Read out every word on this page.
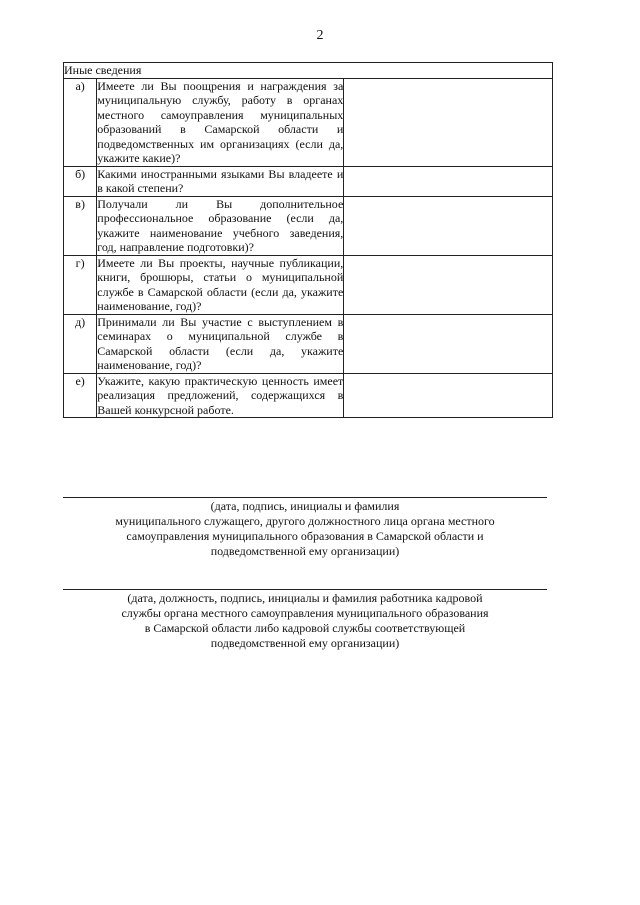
2
Иные сведения		
а)	Имеете ли Вы поощрения и награждения за муниципальную службу, работу в органах местного самоуправления муниципальных образований в Самарской области и подведомственных им организациях (если да, укажите какие)?	

б)	Какими иностранными языками Вы владеете и в какой степени?	

в)	Получали ли Вы дополнительное профессиональное образование (если да, укажите наименование учебного заведения, год, направление подготовки)?	

г)	Имеете ли Вы проекты, научные публикации, книги, брошюры, статьи о муниципальной службе в Самарской области (если да, укажите наименование, год)?	

д)	Принимали ли Вы участие с выступлением в семинарах о муниципальной службе в Самарской области (если да, укажите наименование, год)?	

е)	Укажите, какую практическую ценность имеет реализация предложений, содержащихся в Вашей конкурсной работе.	

(дата, подпись, инициалы и фамилия
муниципального служащего, другого должностного лица органа местного
самоуправления муниципального образования в Самарской области и
подведомственной ему организации)
(дата, должность, подпись, инициалы и фамилия работника кадровой
службы органа местного самоуправления муниципального образования
в Самарской области либо кадровой службы соответствующей
подведомственной ему организации)
